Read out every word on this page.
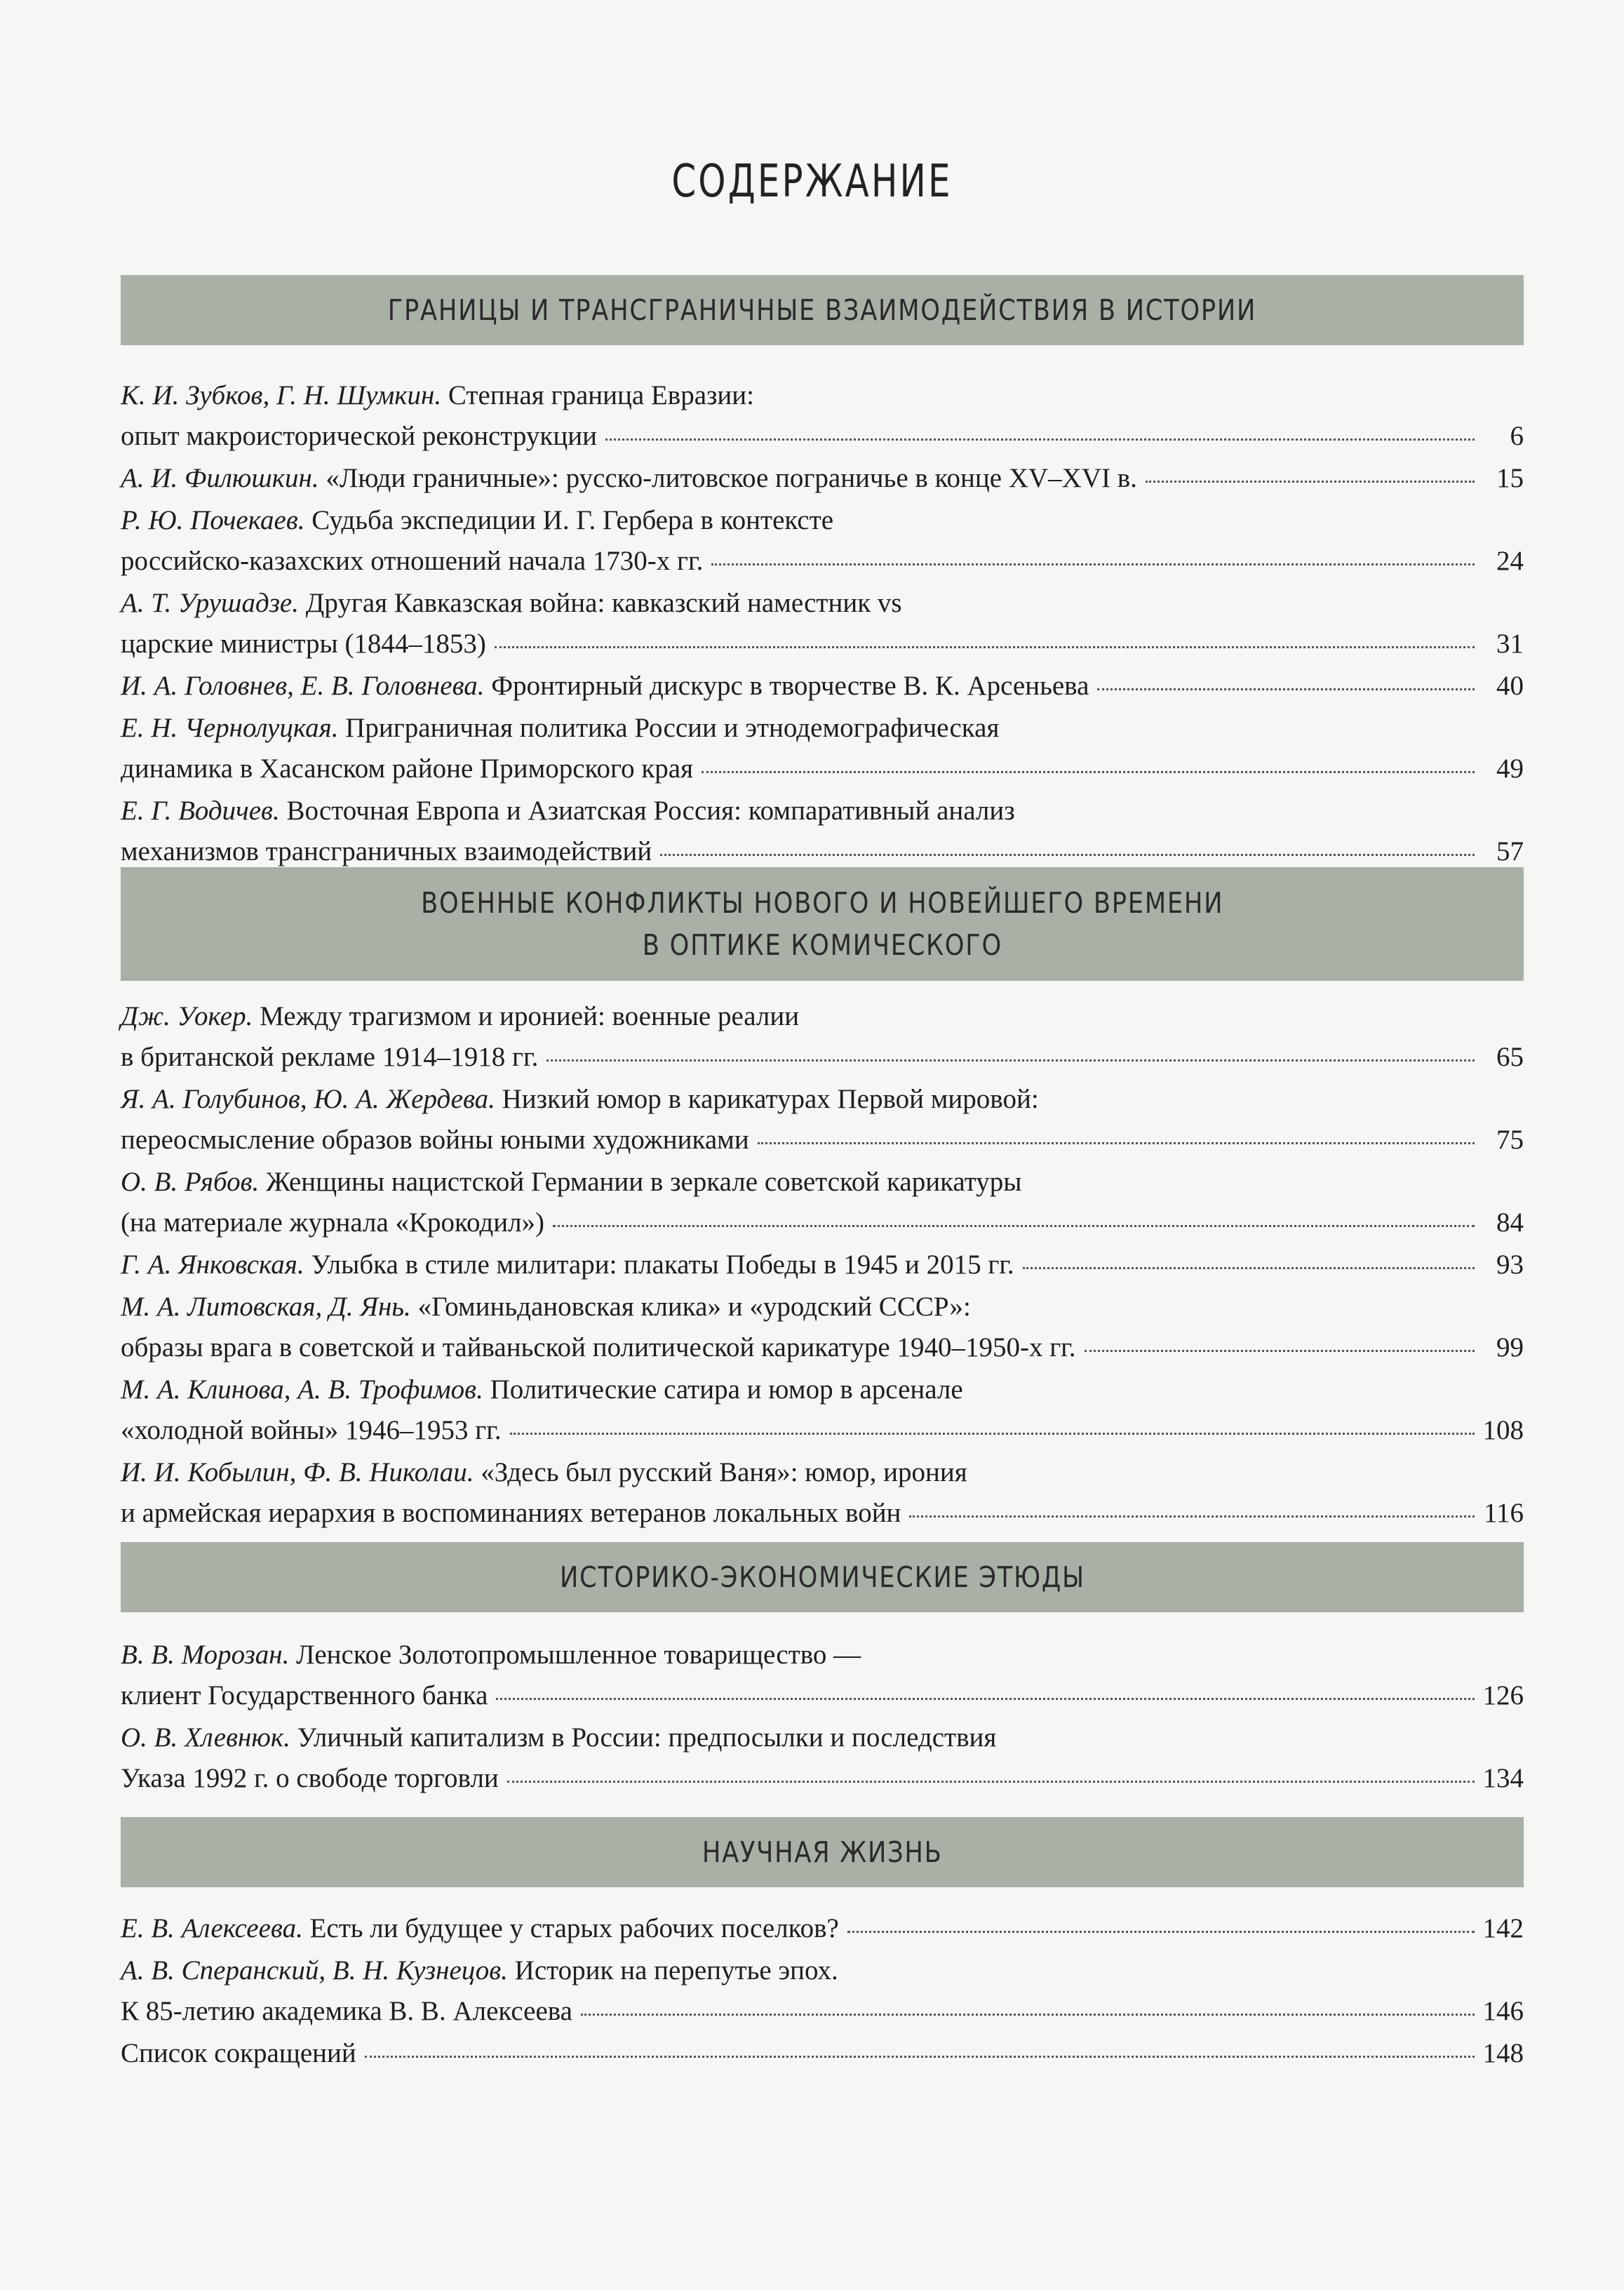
СОДЕРЖАНИЕ
ГРАНИЦЫ И ТРАНСГРАНИЧНЫЕ ВЗАИМОДЕЙСТВИЯ В ИСТОРИИ
К. И. Зубков, Г. Н. Шумкин. Степная граница Евразии:
опыт макроисторической реконструкции	6
А. И. Филюшкин. «Люди граничные»: русско-литовское пограничье в конце XV–XVI в.	15
Р. Ю. Почекаев. Судьба экспедиции И. Г. Гербера в контексте
российско-казахских отношений начала 1730-х гг.	24
А. Т. Урушадзе. Другая Кавказская война: кавказский наместник vs
царские министры (1844–1853)	31
И. А. Головнев, Е. В. Головнева. Фронтирный дискурс в творчестве В. К. Арсеньева	40
Е. Н. Чернолуцкая. Приграничная политика России и этнодемографическая
динамика в Хасанском районе Приморского края	49
Е. Г. Водичев. Восточная Европа и Азиатская Россия: компаративный анализ
механизмов трансграничных взаимодействий	57
ВОЕННЫЕ КОНФЛИКТЫ НОВОГО И НОВЕЙШЕГО ВРЕМЕНИ
В ОПТИКЕ КОМИЧЕСКОГО
Дж. Уокер. Между трагизмом и иронией: военные реалии
в британской рекламе 1914–1918 гг.	65
Я. А. Голубинов, Ю. А. Жердева. Низкий юмор в карикатурах Первой мировой:
переосмысление образов войны юными художниками	75
О. В. Рябов. Женщины нацистской Германии в зеркале советской карикатуры
(на материале журнала «Крокодил»)	84
Г. А. Янковская. Улыбка в стиле милитари: плакаты Победы в 1945 и 2015 гг.	93
М. А. Литовская, Д. Янь. «Гоминьдановская клика» и «уродский СССР»:
образы врага в советской и тайваньской политической карикатуре 1940–1950-х гг.	99
М. А. Клинова, А. В. Трофимов. Политические сатира и юмор в арсенале
«холодной войны» 1946–1953 гг.	108
И. И. Кобылин, Ф. В. Николаи. «Здесь был русский Ваня»: юмор, ирония
и армейская иерархия в воспоминаниях ветеранов локальных войн	116
ИСТОРИКО-ЭКОНОМИЧЕСКИЕ ЭТЮДЫ
В. В. Морозан. Ленское Золотопромышленное товарищество —
клиент Государственного банка	126
О. В. Хлевнюк. Уличный капитализм в России: предпосылки и последствия
Указа 1992 г. о свободе торговли	134
НАУЧНАЯ ЖИЗНЬ
Е. В. Алексеева. Есть ли будущее у старых рабочих поселков?	142
А. В. Сперанский, В. Н. Кузнецов. Историк на перепутье эпох.
К 85-летию академика В. В. Алексеева	146
Список сокращений	148
